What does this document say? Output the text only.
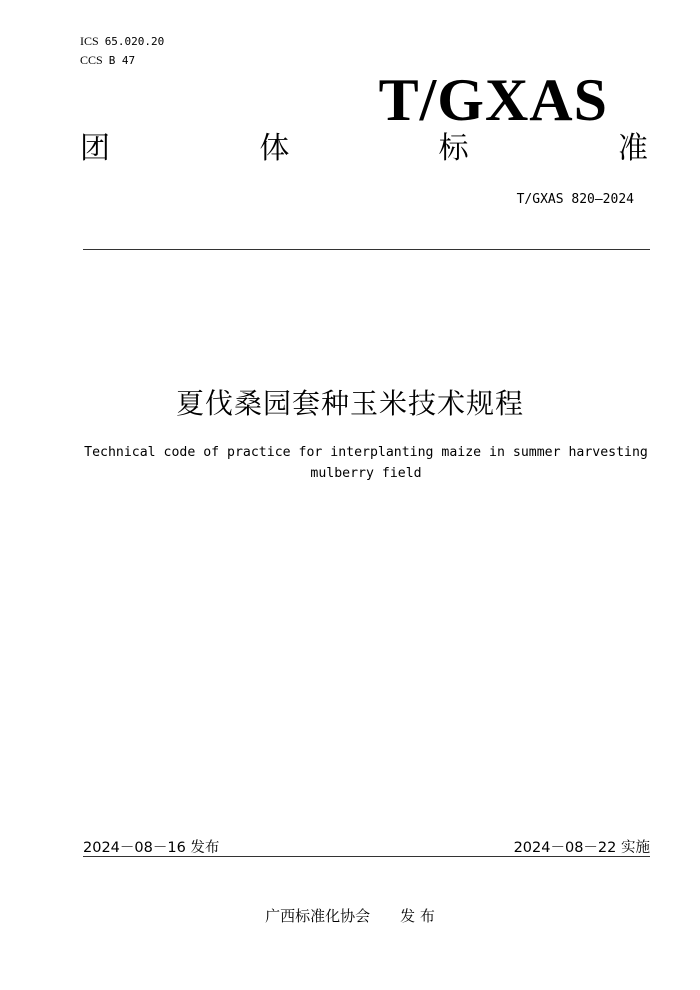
ICS 65.020.20
CCS B 47
T/GXAS
团	体	标	准
T/GXAS 820—2024
夏伐桑园套种玉米技术规程
Technical code of practice for interplanting maize in summer harvesting
mulberry field
2024－08－16 发布	2024－08－22 实施
广西标准化协会 发 布
